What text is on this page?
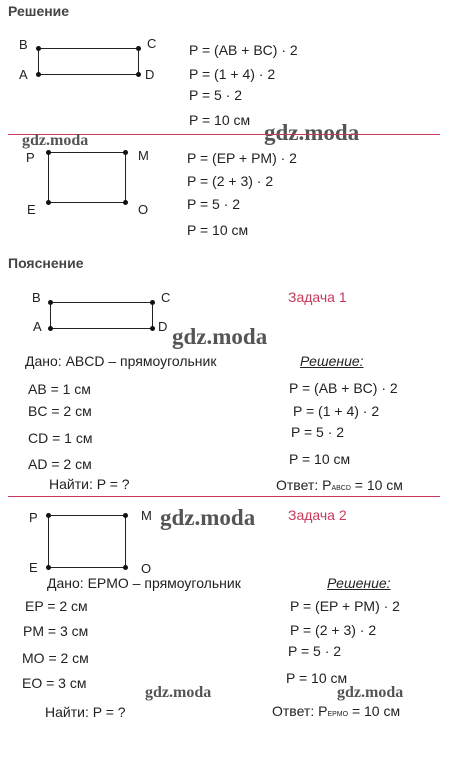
Решение
B	C
A	D
P = (AB + BC) · 2
P = (1 + 4) · 2
P = 5 · 2
P = 10 см gdz.moda
gdz.moda
P	M
E	O
P = (EP + PM) · 2
P = (2 + 3) · 2
P = 5 · 2
P = 10 см
Пояснение
Задача 1
B	C
A	D gdz.moda
Дано: ABCD – прямоугольник	Решение:
AB = 1 см
BC = 2 см
CD = 1 см
AD = 2 см
P = (AB + BC) · 2
P = (1 + 4) · 2
P = 5 · 2
P = 10 см
Найти: P = ?	Ответ: PABCD = 10 см
P	M
E	O
gdz.moda Задача 2
Дано: EPMO – прямоугольник	Решение:
EP = 2 см
PM = 3 см
MO = 2 см
EO = 3 см
P = (EP + PM) · 2
P = (2 + 3) · 2
P = 5 · 2
P = 10 см
gdz.moda	gdz.moda
Найти: P = ?	Ответ: PEPMO = 10 см
